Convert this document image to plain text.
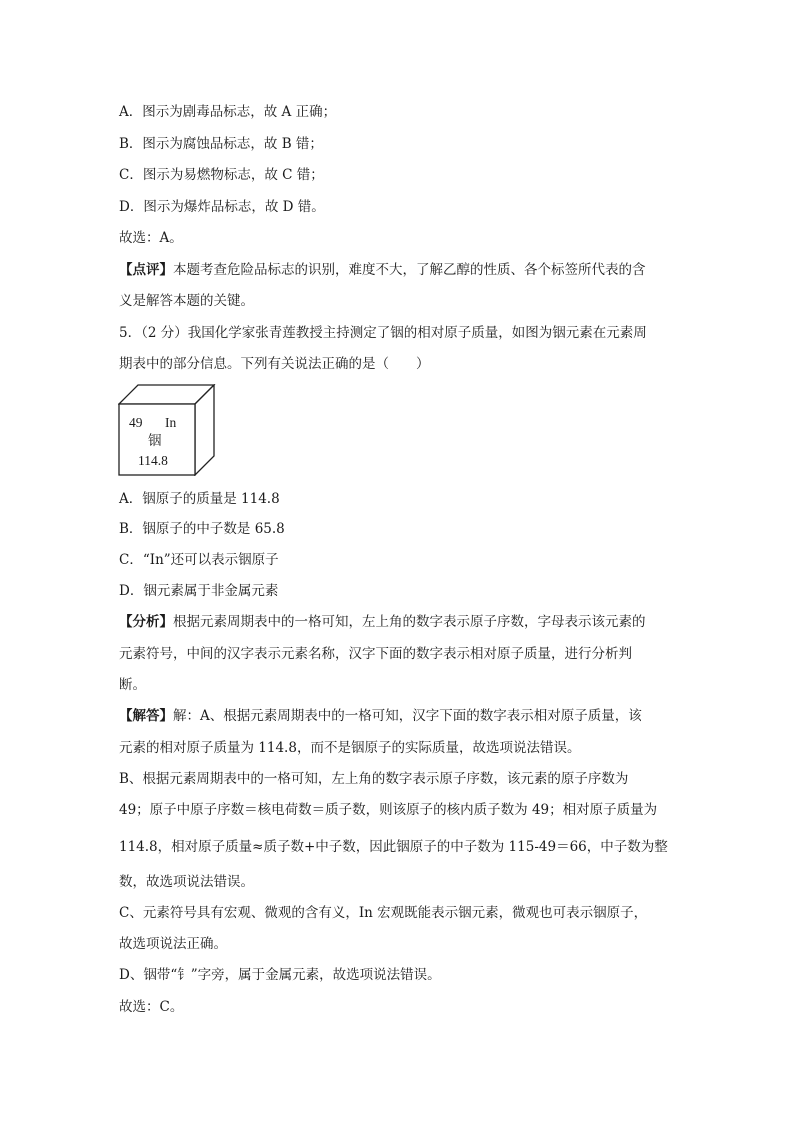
A．图示为剧毒品标志，故 A 正确；
B．图示为腐蚀品标志，故 B 错；
C．图示为易燃物标志，故 C 错；
D．图示为爆炸品标志，故 D 错。
故选：A。
【点评】本题考查危险品标志的识别，难度不大，了解乙醇的性质、各个标签所代表的含
义是解答本题的关键。
5．（2 分）我国化学家张青莲教授主持测定了铟的相对原子质量，如图为铟元素在元素周
期表中的部分信息。下列有关说法正确的是（　　）
49 In
铟
114.8
A．铟原子的质量是 114.8
B．铟原子的中子数是 65.8
C．“In”还可以表示铟原子
D．铟元素属于非金属元素
【分析】根据元素周期表中的一格可知，左上角的数字表示原子序数，字母表示该元素的
元素符号，中间的汉字表示元素名称，汉字下面的数字表示相对原子质量，进行分析判
断。
【解答】解：A、根据元素周期表中的一格可知，汉字下面的数字表示相对原子质量，该
元素的相对原子质量为 114.8，而不是铟原子的实际质量，故选项说法错误。
B、根据元素周期表中的一格可知，左上角的数字表示原子序数，该元素的原子序数为
49；原子中原子序数＝核电荷数＝质子数，则该原子的核内质子数为 49；相对原子质量为
114.8，相对原子质量≈质子数+中子数，因此铟原子的中子数为 115-49＝66，中子数为整
数，故选项说法错误。
C、元素符号具有宏观、微观的含有义，In 宏观既能表示铟元素，微观也可表示铟原子，
故选项说法正确。
D、铟带“钅”字旁，属于金属元素，故选项说法错误。
故选：C。
